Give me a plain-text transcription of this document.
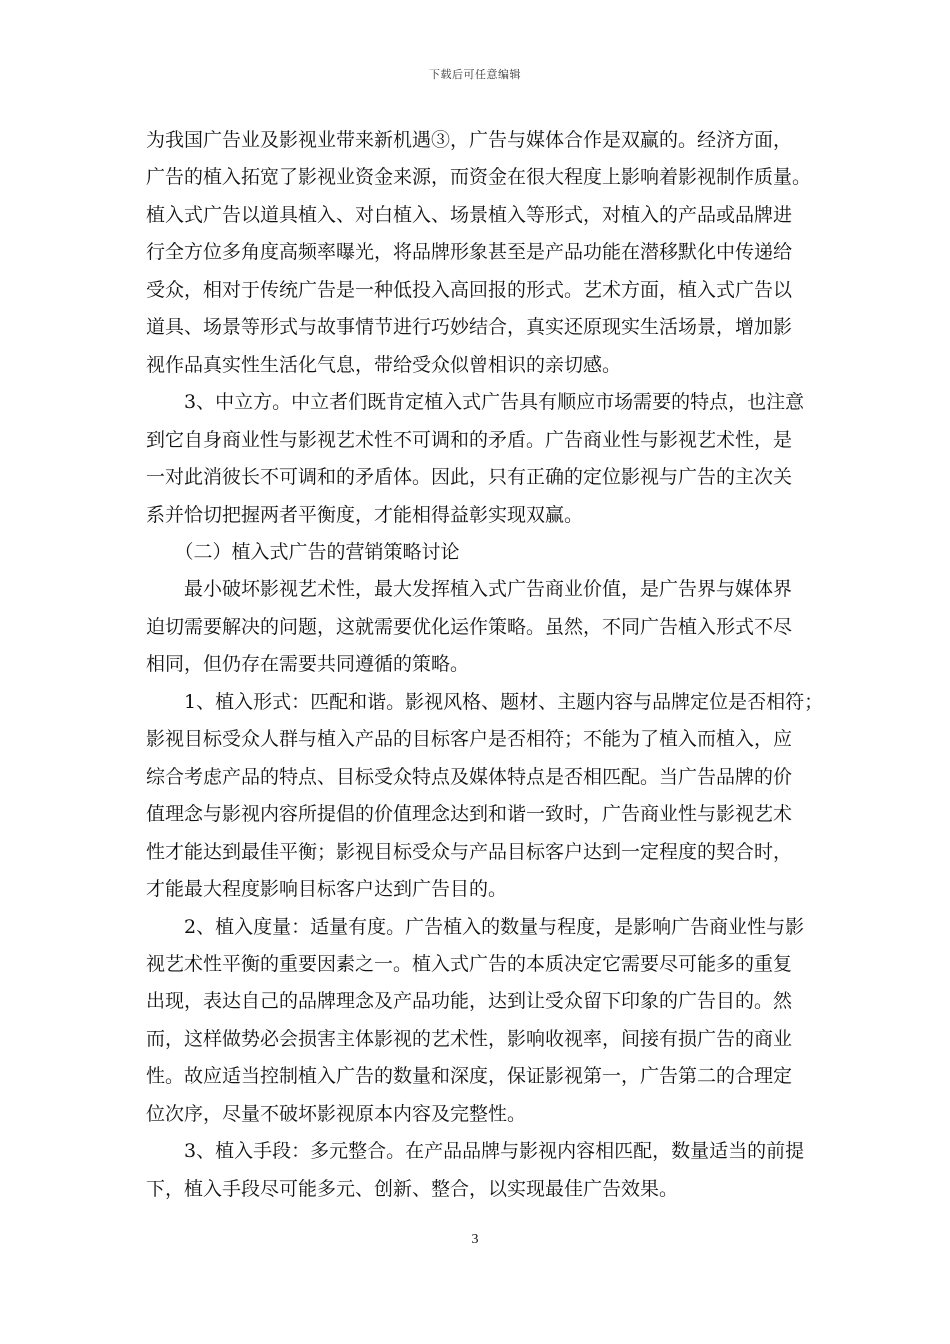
下载后可任意编辑

为我国广告业及影视业带来新机遇③，广告与媒体合作是双赢的。经济方面，

广告的植入拓宽了影视业资金来源，而资金在很大程度上影响着影视制作质量。

植入式广告以道具植入、对白植入、场景植入等形式，对植入的产品或品牌进

行全方位多角度高频率曝光，将品牌形象甚至是产品功能在潜移默化中传递给

受众，相对于传统广告是一种低投入高回报的形式。艺术方面，植入式广告以

道具、场景等形式与故事情节进行巧妙结合，真实还原现实生活场景，增加影

视作品真实性生活化气息，带给受众似曾相识的亲切感。

　　3、中立方。中立者们既肯定植入式广告具有顺应市场需要的特点，也注意

到它自身商业性与影视艺术性不可调和的矛盾。广告商业性与影视艺术性，是

一对此消彼长不可调和的矛盾体。因此，只有正确的定位影视与广告的主次关

系并恰切把握两者平衡度，才能相得益彰实现双赢。

　　（二）植入式广告的营销策略讨论

　　最小破坏影视艺术性，最大发挥植入式广告商业价值，是广告界与媒体界

迫切需要解决的问题，这就需要优化运作策略。虽然，不同广告植入形式不尽

相同，但仍存在需要共同遵循的策略。

　　1、植入形式：匹配和谐。影视风格、题材、主题内容与品牌定位是否相符；

影视目标受众人群与植入产品的目标客户是否相符；不能为了植入而植入，应

综合考虑产品的特点、目标受众特点及媒体特点是否相匹配。当广告品牌的价

值理念与影视内容所提倡的价值理念达到和谐一致时，广告商业性与影视艺术

性才能达到最佳平衡；影视目标受众与产品目标客户达到一定程度的契合时，

才能最大程度影响目标客户达到广告目的。

　　2、植入度量：适量有度。广告植入的数量与程度，是影响广告商业性与影

视艺术性平衡的重要因素之一。植入式广告的本质决定它需要尽可能多的重复

出现，表达自己的品牌理念及产品功能，达到让受众留下印象的广告目的。然

而，这样做势必会损害主体影视的艺术性，影响收视率，间接有损广告的商业

性。故应适当控制植入广告的数量和深度，保证影视第一，广告第二的合理定

位次序，尽量不破坏影视原本内容及完整性。

　　3、植入手段：多元整合。在产品品牌与影视内容相匹配，数量适当的前提

下，植入手段尽可能多元、创新、整合，以实现最佳广告效果。

3
